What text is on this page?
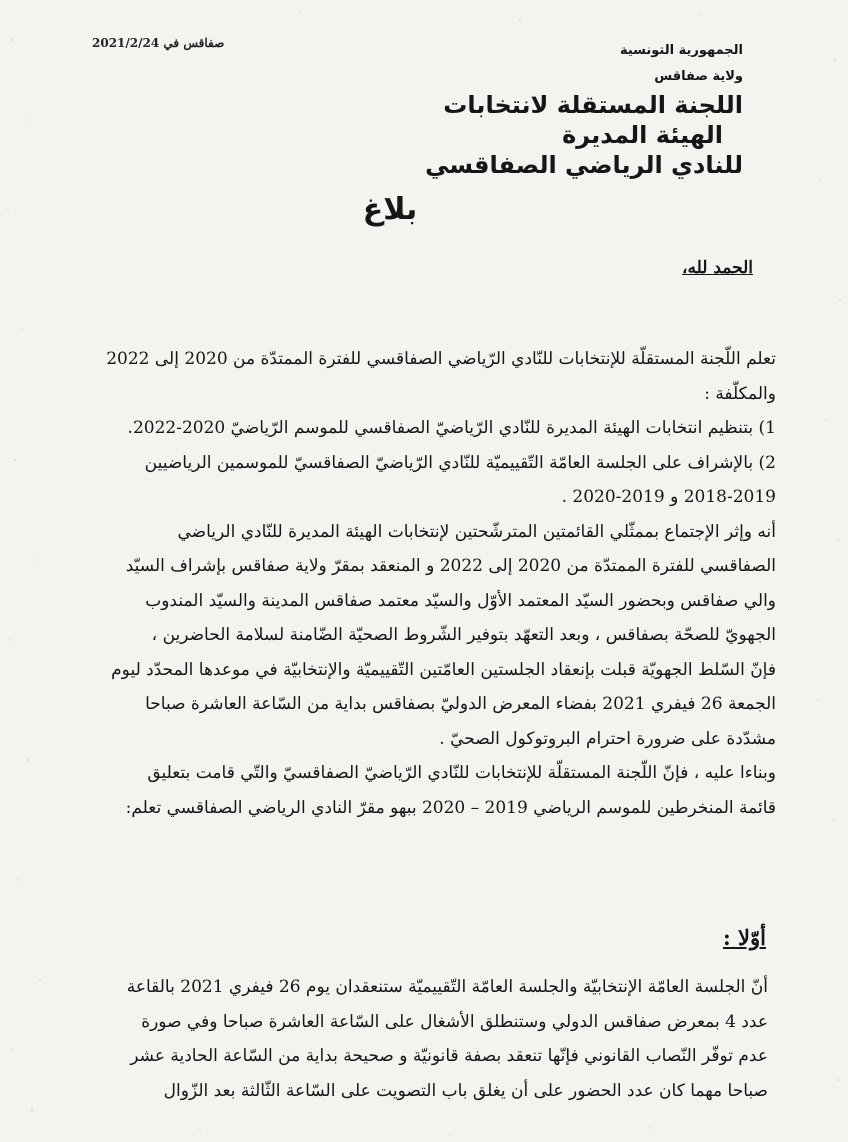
صفاقس في 2021/2/24	الجمهورية التونسية
ولاية صفاقس
اللجنة المستقلة لانتخابات
الهيئة المديرة
للنادي الرياضي الصفاقسي
بلاغ
الحمد لله،
تعلم اللّجنة المستقلّة للإنتخابات للنّادي الرّياضي الصفاقسي للفترة الممتدّة من 2020 إلى 2022
والمكلّفة :
1) بتنظيم انتخابات الهيئة المديرة للنّادي الرّياضيّ الصفاقسي للموسم الرّياضيّ 2020-2022.
2) بالإشراف على الجلسة العامّة التّقييميّة للنّادي الرّياضيّ الصفاقسيّ للموسمين الرياضيين
2018-2019 و 2019-2020 .
أنه وإثر الإجتماع بممثّلي القائمتين المترشّحتين لإنتخابات الهيئة المديرة للنّادي الرياضي
الصفاقسي للفترة الممتدّة من 2020 إلى 2022 و المنعقد بمقرّ ولاية صفاقس بإشراف السيّد
والي صفاقس وبحضور السيّد المعتمد الأوّل والسيّد معتمد صفاقس المدينة والسيّد المندوب
الجهويّ للصحّة بصفاقس ، وبعد التعهّد بتوفير الشّروط الصحيّة الضّامنة لسلامة الحاضرين ،
فإنّ السّلط الجهويّة قبلت بإنعقاد الجلستين العامّتين التّقييميّة والإنتخابيّة في موعدها المحدّد ليوم
الجمعة 26 فيفري 2021 بفضاء المعرض الدوليّ بصفاقس بداية من السّاعة العاشرة صباحا
مشدّدة على ضرورة احترام البروتوكول الصحيّ .
وبناءا عليه ، فإنّ اللّجنة المستقلّة للإنتخابات للنّادي الرّياضيّ الصفاقسيّ والتّي قامت بتعليق
قائمة المنخرطين للموسم الرياضي 2019 – 2020 ببهو مقرّ النادي الرياضي الصفاقسي تعلم:
أوّلا :
أنّ الجلسة العامّة الإنتخابيّة والجلسة العامّة التّقييميّة ستنعقدان يوم 26 فيفري 2021 بالقاعة
عدد 4 بمعرض صفاقس الدولي وستنطلق الأشغال على السّاعة العاشرة صباحا وفي صورة
عدم توفّر النّصاب القانوني فإنّها تنعقد بصفة قانونيّة و صحيحة بداية من السّاعة الحادية عشر
صباحا مهما كان عدد الحضور على أن يغلق باب التصويت على السّاعة الثّالثة بعد الزّوال
